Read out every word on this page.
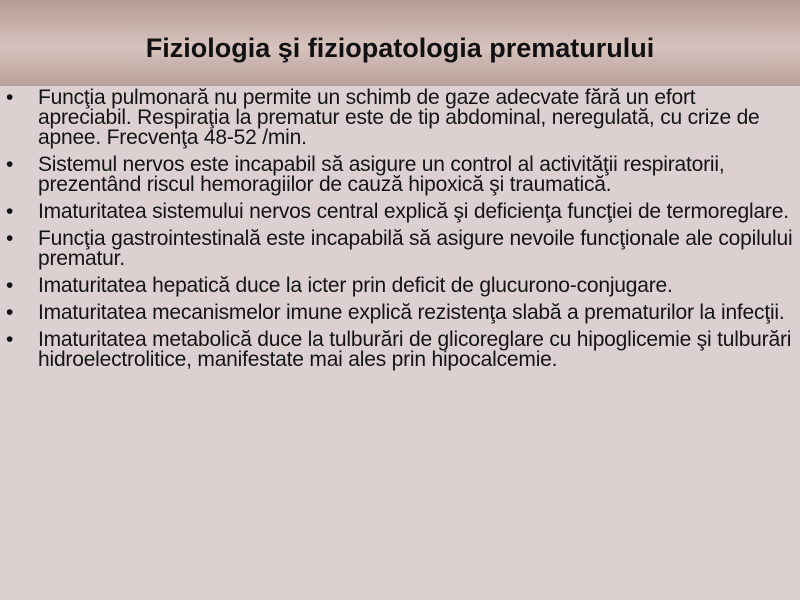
Fiziologia şi fiziopatologia prematurului
•	Funcţia pulmonară nu permite un schimb de gaze adecvate fără un efort apreciabil. Respiraţia la prematur este de tip abdominal, neregulată, cu crize de apnee. Frecvenţa 48-52 /min.
•	Sistemul nervos este incapabil să asigure un control al activităţii respiratorii, prezentând riscul hemoragiilor de cauză hipoxică şi traumatică.
•	Imaturitatea sistemului nervos central explică şi deficienţa funcţiei de termoreglare.
•	Funcţia gastrointestinală este incapabilă să asigure nevoile funcţionale ale copilului prematur.
•	Imaturitatea hepatică duce la icter prin deficit de glucurono-conjugare.
•	Imaturitatea mecanismelor imune explică rezistenţa slabă a prematurilor la infecţii.
•	Imaturitatea metabolică duce la tulburări de glicoreglare cu hipoglicemie şi tulburări hidroelectrolitice, manifestate mai ales prin hipocalcemie.
